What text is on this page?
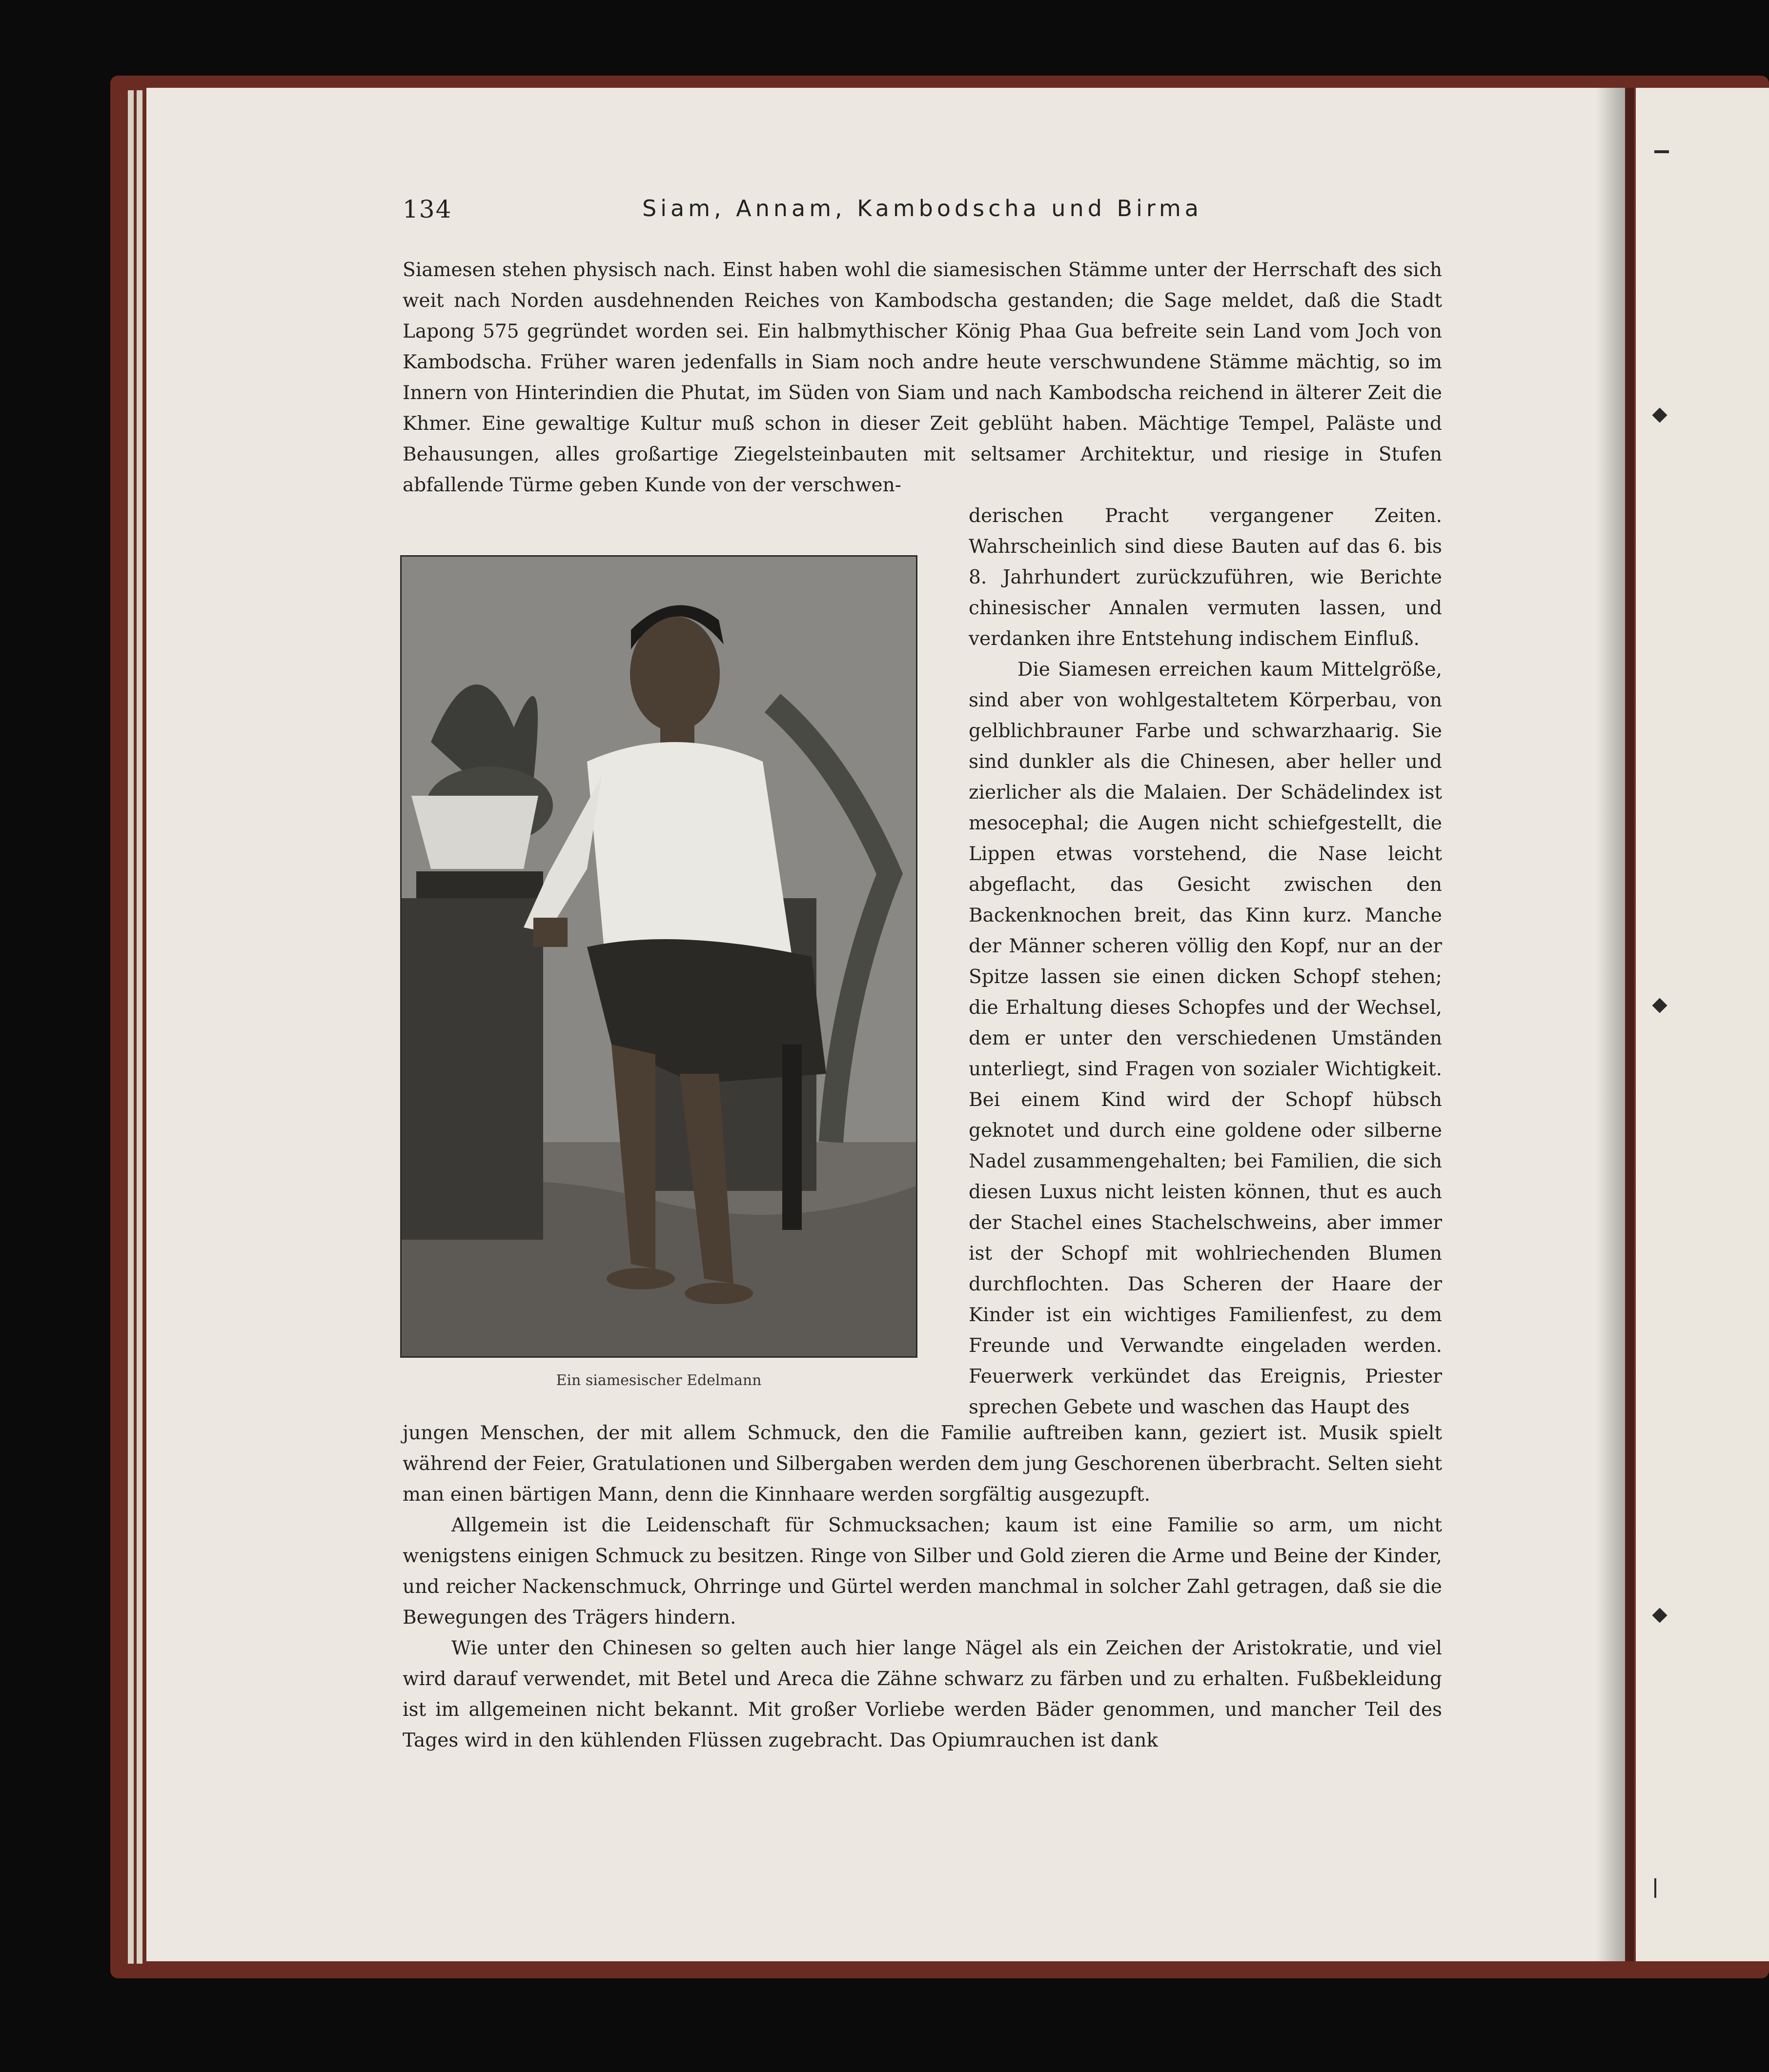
134	Siam, Annam, Kambodscha und Birma

Siamesen stehen physisch nach. Einst haben wohl die siamesischen Stämme unter der Herrschaft des sich weit nach Norden ausdehnenden Reiches von Kambodscha gestanden; die Sage meldet, daß die Stadt Lapong 575 gegründet worden sei. Ein halbmythischer König Phaa Gua befreite sein Land vom Joch von Kambodscha. Früher waren jedenfalls in Siam noch andre heute verschwundene Stämme mächtig, so im Innern von Hinterindien die Phutat, im Süden von Siam und nach Kambodscha reichend in älterer Zeit die Khmer. Eine gewaltige Kultur muß schon in dieser Zeit geblüht haben. Mächtige Tempel, Paläste und Behausungen, alles großartige Ziegelsteinbauten mit seltsamer Architektur, und riesige in Stufen abfallende Türme geben Kunde von der verschwen-

Ein siamesischer Edelmann

derischen Pracht vergangener Zeiten. Wahrscheinlich sind diese Bauten auf das 6. bis 8. Jahrhundert zurückzuführen, wie Berichte chinesischer Annalen vermuten lassen, und verdanken ihre Entstehung indischem Einfluß.

Die Siamesen erreichen kaum Mittelgröße, sind aber von wohlgestaltetem Körperbau, von gelblichbrauner Farbe und schwarzhaarig. Sie sind dunkler als die Chinesen, aber heller und zierlicher als die Malaien. Der Schädelindex ist mesocephal; die Augen nicht schiefgestellt, die Lippen etwas vorstehend, die Nase leicht abgeflacht, das Gesicht zwischen den Backenknochen breit, das Kinn kurz. Manche der Männer scheren völlig den Kopf, nur an der Spitze lassen sie einen dicken Schopf stehen; die Erhaltung dieses Schopfes und der Wechsel, dem er unter den verschiedenen Umständen unterliegt, sind Fragen von sozialer Wichtigkeit. Bei einem Kind wird der Schopf hübsch geknotet und durch eine goldene oder silberne Nadel zusammengehalten; bei Familien, die sich diesen Luxus nicht leisten können, thut es auch der Stachel eines Stachelschweins, aber immer ist der Schopf mit wohlriechenden Blumen durchflochten. Das Scheren der Haare der Kinder ist ein wichtiges Familienfest, zu dem Freunde und Verwandte eingeladen werden. Feuerwerk verkündet das Ereignis, Priester sprechen Gebete und waschen das Haupt des

jungen Menschen, der mit allem Schmuck, den die Familie auftreiben kann, geziert ist. Musik spielt während der Feier, Gratulationen und Silbergaben werden dem jung Geschorenen überbracht. Selten sieht man einen bärtigen Mann, denn die Kinnhaare werden sorgfältig ausgezupft.

Allgemein ist die Leidenschaft für Schmucksachen; kaum ist eine Familie so arm, um nicht wenigstens einigen Schmuck zu besitzen. Ringe von Silber und Gold zieren die Arme und Beine der Kinder, und reicher Nackenschmuck, Ohrringe und Gürtel werden manchmal in solcher Zahl getragen, daß sie die Bewegungen des Trägers hindern.

Wie unter den Chinesen so gelten auch hier lange Nägel als ein Zeichen der Aristokratie, und viel wird darauf verwendet, mit Betel und Areca die Zähne schwarz zu färben und zu erhalten. Fußbekleidung ist im allgemeinen nicht bekannt. Mit großer Vorliebe werden Bäder genommen, und mancher Teil des Tages wird in den kühlenden Flüssen zugebracht. Das Opiumrauchen ist dank
